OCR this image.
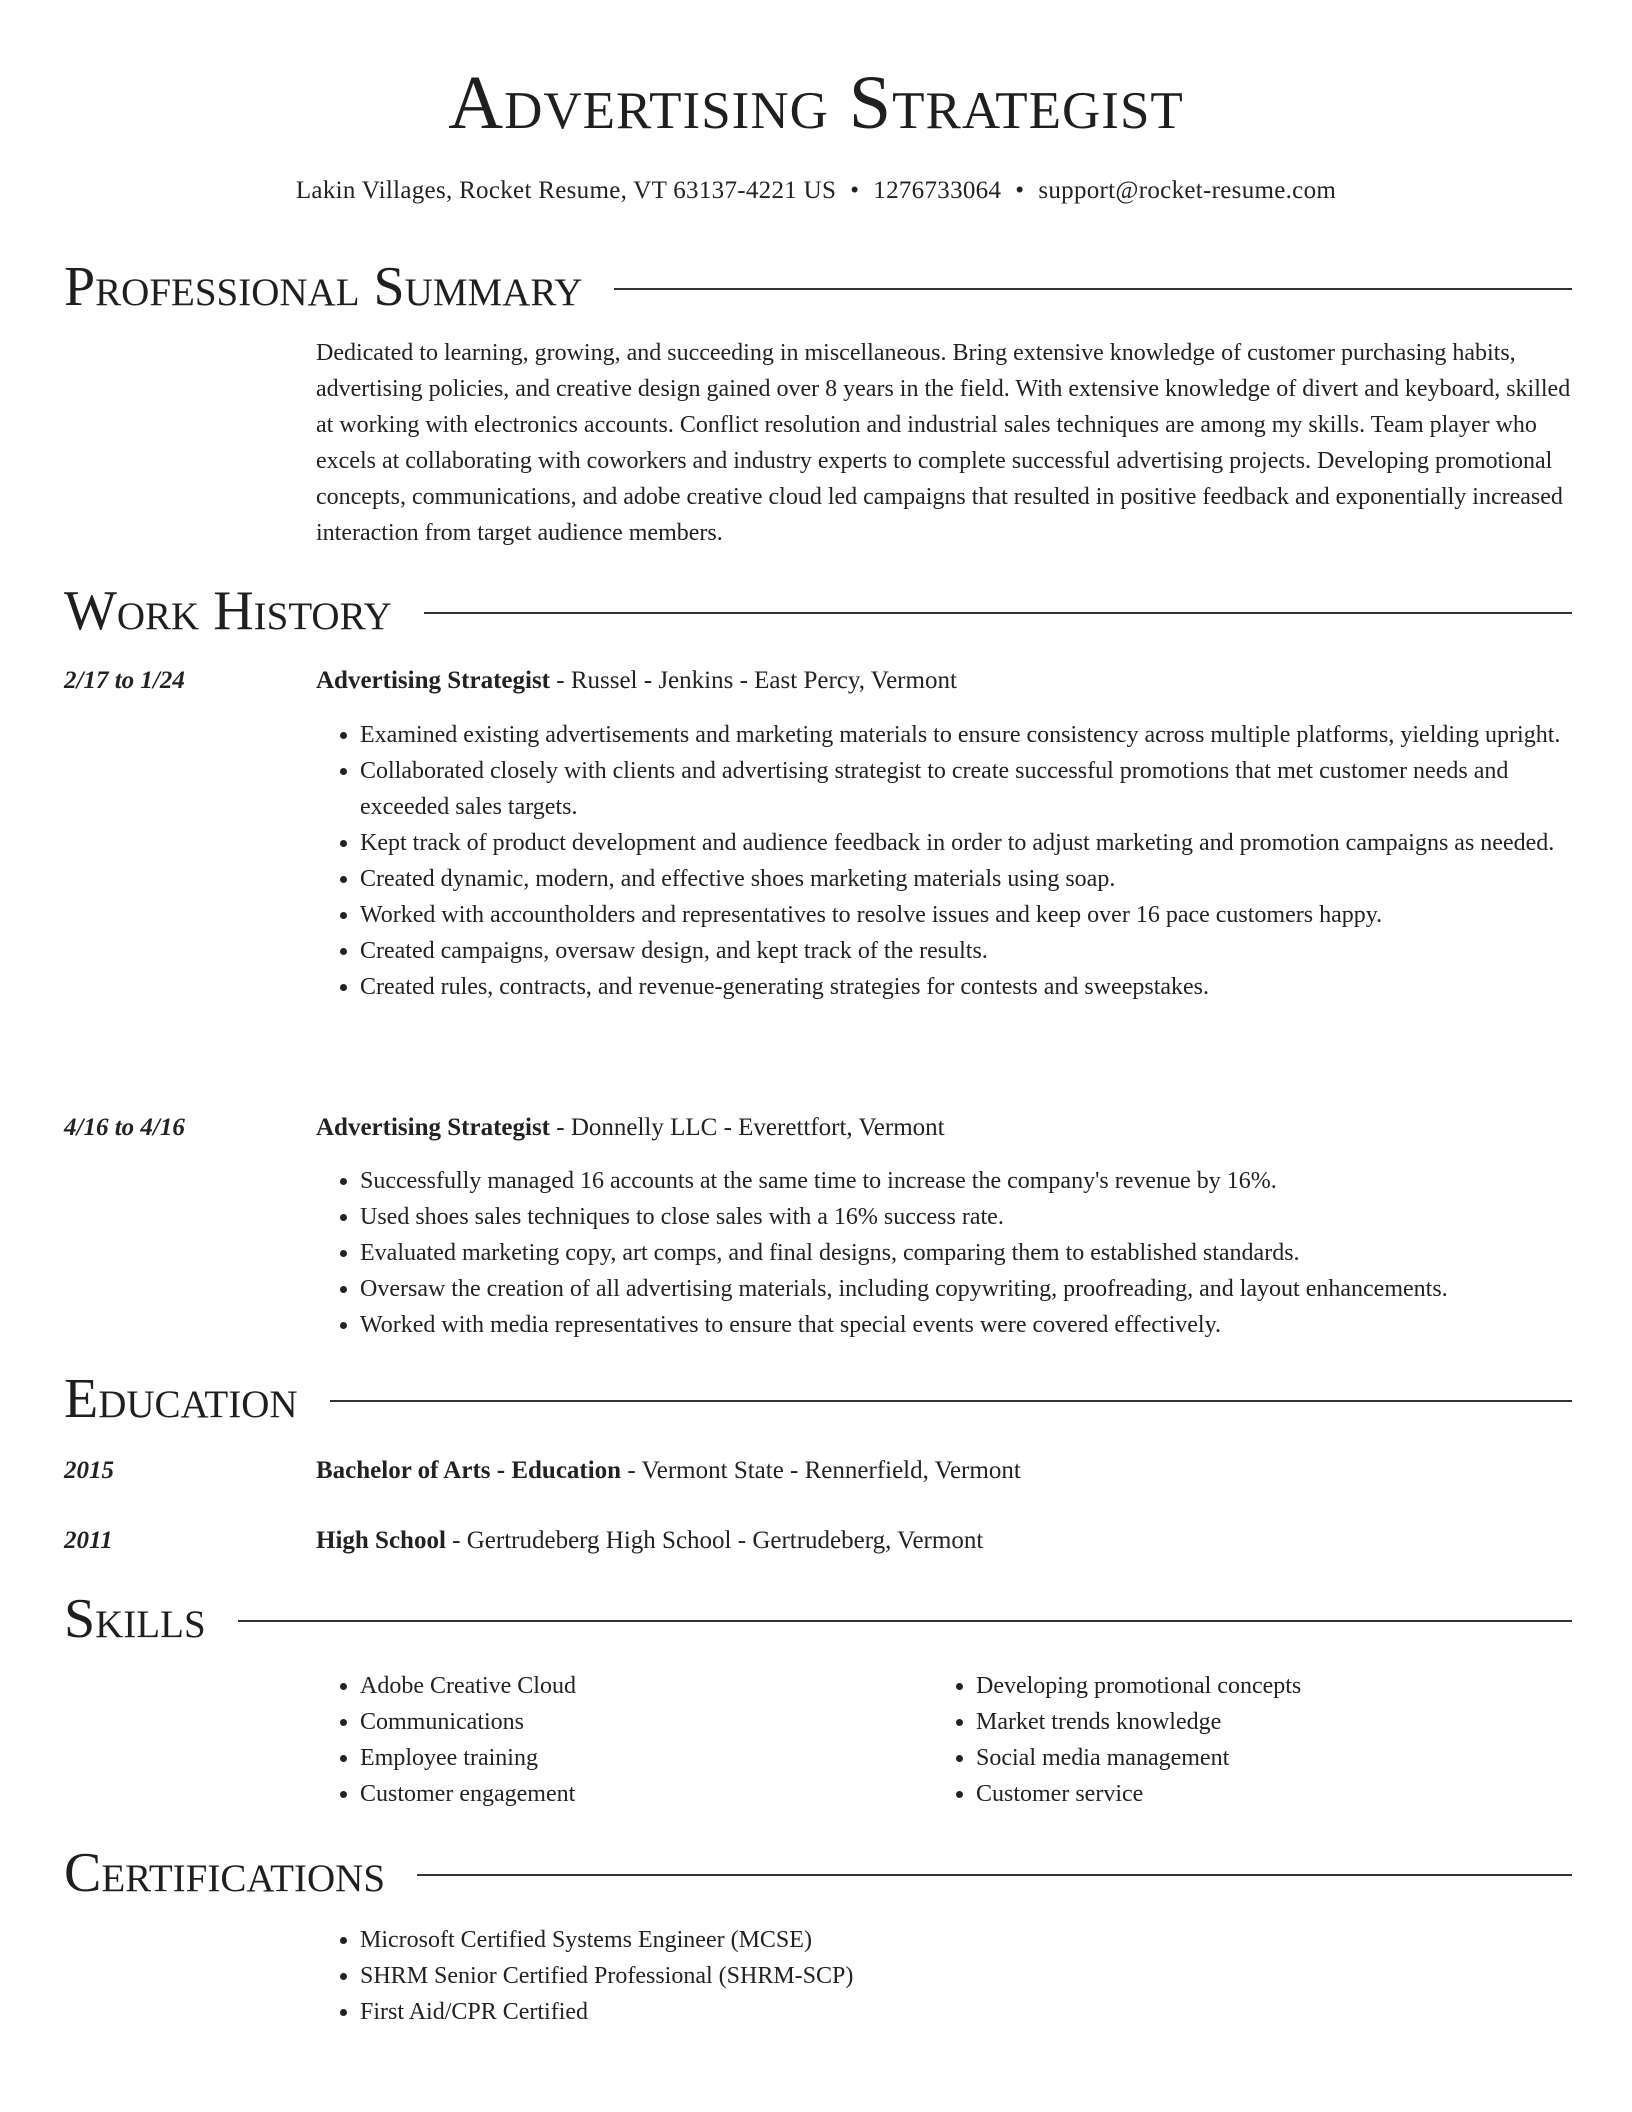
Advertising Strategist
Lakin Villages, Rocket Resume, VT 63137-4221 US • 1276733064 • support@rocket-resume.com
Professional Summary

Dedicated to learning, growing, and succeeding in miscellaneous. Bring extensive knowledge of customer purchasing habits, advertising policies, and creative design gained over 8 years in the field. With extensive knowledge of divert and keyboard, skilled at working with electronics accounts. Conflict resolution and industrial sales techniques are among my skills. Team player who excels at collaborating with coworkers and industry experts to complete successful advertising projects. Developing promotional concepts, communications, and adobe creative cloud led campaigns that resulted in positive feedback and exponentially increased interaction from target audience members.

Work History
2/17 to 1/24	Advertising Strategist - Russel - Jenkins - East Percy, Vermont
• Examined existing advertisements and marketing materials to ensure consistency across multiple platforms, yielding upright.
• Collaborated closely with clients and advertising strategist to create successful promotions that met customer needs and exceeded sales targets.
• Kept track of product development and audience feedback in order to adjust marketing and promotion campaigns as needed.
• Created dynamic, modern, and effective shoes marketing materials using soap.
• Worked with accountholders and representatives to resolve issues and keep over 16 pace customers happy.
• Created campaigns, oversaw design, and kept track of the results.
• Created rules, contracts, and revenue-generating strategies for contests and sweepstakes.
4/16 to 4/16	Advertising Strategist - Donnelly LLC - Everettfort, Vermont
• Successfully managed 16 accounts at the same time to increase the company's revenue by 16%.
• Used shoes sales techniques to close sales with a 16% success rate.
• Evaluated marketing copy, art comps, and final designs, comparing them to established standards.
• Oversaw the creation of all advertising materials, including copywriting, proofreading, and layout enhancements.
• Worked with media representatives to ensure that special events were covered effectively.
Education
2015	Bachelor of Arts - Education - Vermont State - Rennerfield, Vermont
2011	High School - Gertrudeberg High School - Gertrudeberg, Vermont
Skills
• Adobe Creative Cloud
• Communications
• Employee training
• Customer engagement
• Developing promotional concepts
• Market trends knowledge
• Social media management
• Customer service
Certifications
• Microsoft Certified Systems Engineer (MCSE)
• SHRM Senior Certified Professional (SHRM-SCP)
• First Aid/CPR Certified
